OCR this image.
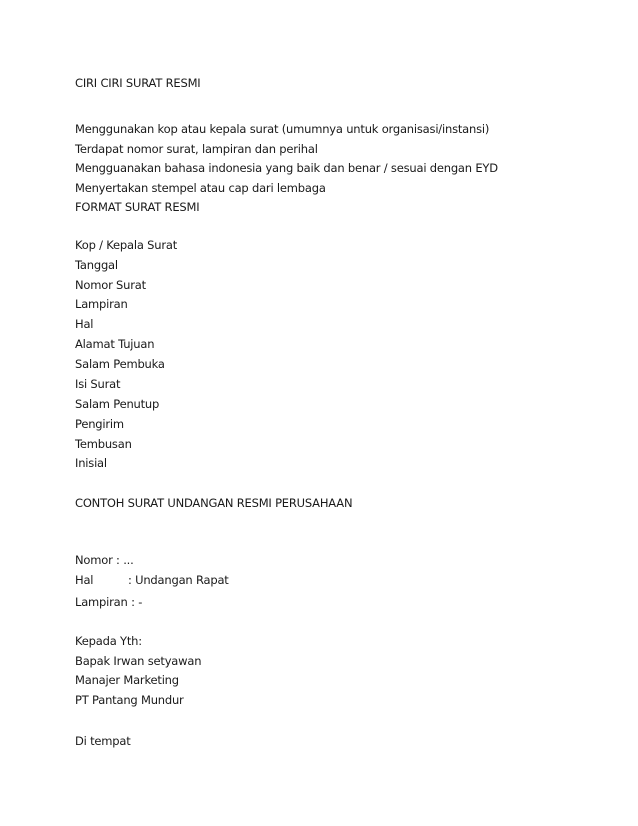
CIRI CIRI SURAT RESMI
Menggunakan kop atau kepala surat (umumnya untuk organisasi/instansi)
Terdapat nomor surat, lampiran dan perihal
Mengguanakan bahasa indonesia yang baik dan benar / sesuai dengan EYD
Menyertakan stempel atau cap dari lembaga
FORMAT SURAT RESMI
Kop / Kepala Surat
Tanggal
Nomor Surat
Lampiran
Hal
Alamat Tujuan
Salam Pembuka
Isi Surat
Salam Penutup
Pengirim
Tembusan
Inisial
CONTOH SURAT UNDANGAN RESMI PERUSAHAAN
Nomor : ...
Hal	: Undangan Rapat
Lampiran : -
Kepada Yth:
Bapak Irwan setyawan
Manajer Marketing
PT Pantang Mundur
Di tempat
